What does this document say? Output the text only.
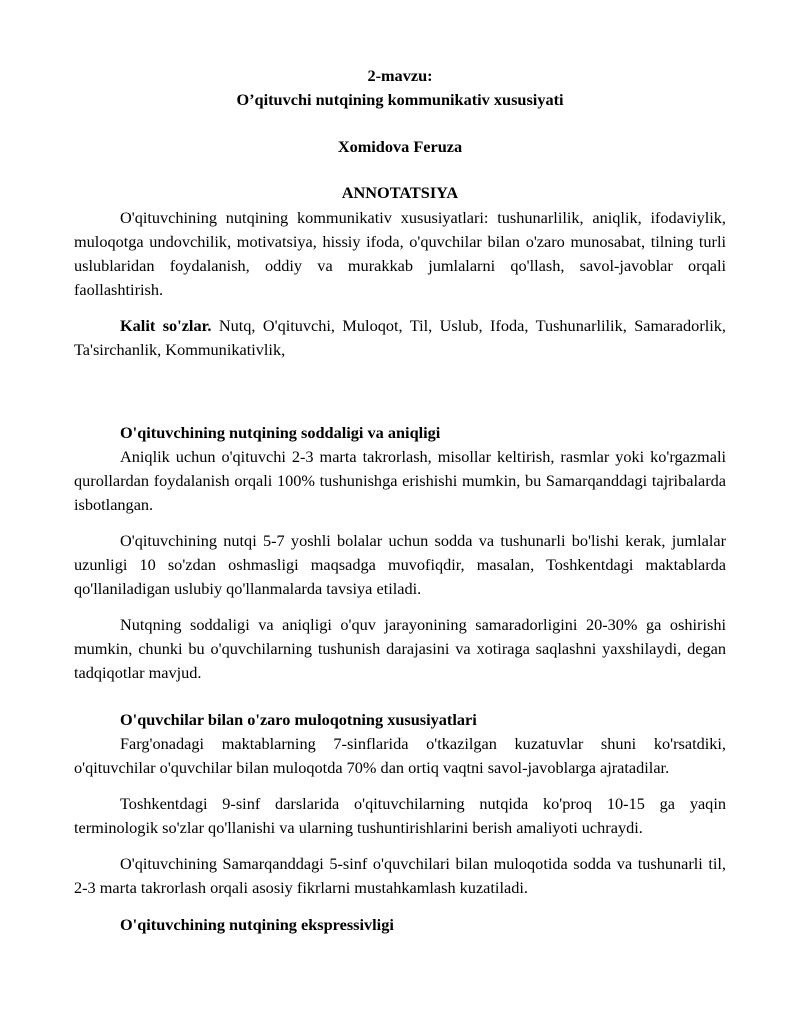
2-mavzu:

O’qituvchi nutqining kommunikativ xususiyati

Xomidova Feruza

ANNOTATSIYA

O'qituvchining nutqining kommunikativ xususiyatlari: tushunarlilik, aniqlik, ifodaviylik, muloqotga undovchilik, motivatsiya, hissiy ifoda, o'quvchilar bilan o'zaro munosabat, tilning turli uslublaridan foydalanish, oddiy va murakkab jumlalarni qo'llash, savol-javoblar orqali faollashtirish.

Kalit so'zlar. Nutq, O'qituvchi, Muloqot, Til, Uslub, Ifoda, Tushunarlilik, Samaradorlik, Ta'sirchanlik, Kommunikativlik,

O'qituvchining nutqining soddaligi va aniqligi

Aniqlik uchun o'qituvchi 2-3 marta takrorlash, misollar keltirish, rasmlar yoki ko'rgazmali qurollardan foydalanish orqali 100% tushunishga erishishi mumkin, bu Samarqanddagi tajribalarda isbotlangan.

O'qituvchining nutqi 5-7 yoshli bolalar uchun sodda va tushunarli bo'lishi kerak, jumlalar uzunligi 10 so'zdan oshmasligi maqsadga muvofiqdir, masalan, Toshkentdagi maktablarda qo'llaniladigan uslubiy qo'llanmalarda tavsiya etiladi.

Nutqning soddaligi va aniqligi o'quv jarayonining samaradorligini 20-30% ga oshirishi mumkin, chunki bu o'quvchilarning tushunish darajasini va xotiraga saqlashni yaxshilaydi, degan tadqiqotlar mavjud.

O'quvchilar bilan o'zaro muloqotning xususiyatlari

Farg'onadagi maktablarning 7-sinflarida o'tkazilgan kuzatuvlar shuni ko'rsatdiki, o'qituvchilar o'quvchilar bilan muloqotda 70% dan ortiq vaqtni savol-javoblarga ajratadilar.

Toshkentdagi 9-sinf darslarida o'qituvchilarning nutqida ko'proq 10-15 ga yaqin terminologik so'zlar qo'llanishi va ularning tushuntirishlarini berish amaliyoti uchraydi.

O'qituvchining Samarqanddagi 5-sinf o'quvchilari bilan muloqotida sodda va tushunarli til, 2-3 marta takrorlash orqali asosiy fikrlarni mustahkamlash kuzatiladi.

O'qituvchining nutqining ekspressivligi
